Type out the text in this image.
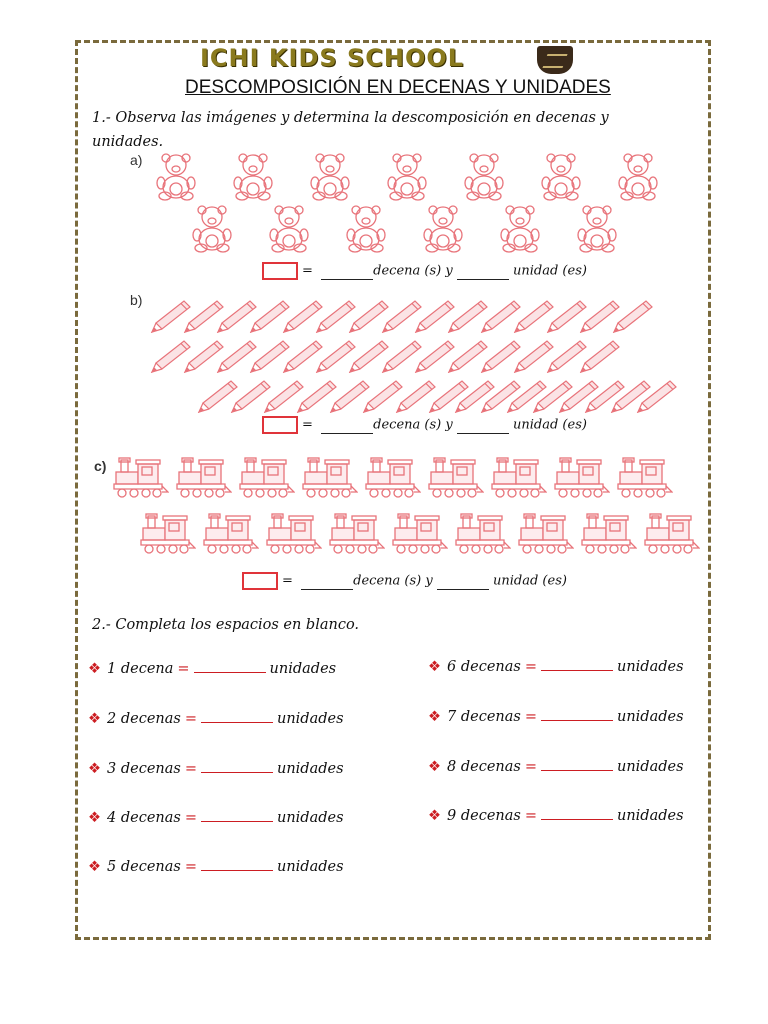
ICHI KIDS SCHOOL
DESCOMPOSICIÓN EN DECENAS Y UNIDADES
1.- Observa las imágenes y determina la descomposición en decenas y unidades.
a)
=	decena (s) y	unidad (es)
b)
=	decena (s) y	unidad (es)
c)
=	decena (s) y	unidad (es)
2.- Completa los espacios en blanco.
❖ 1 decena =	unidades
❖ 2 decenas =	unidades
❖ 3 decenas =	unidades
❖ 4 decenas =	unidades
❖ 5 decenas =	unidades
❖ 6 decenas =	unidades
❖ 7 decenas =	unidades
❖ 8 decenas =	unidades
❖ 9 decenas =	unidades
